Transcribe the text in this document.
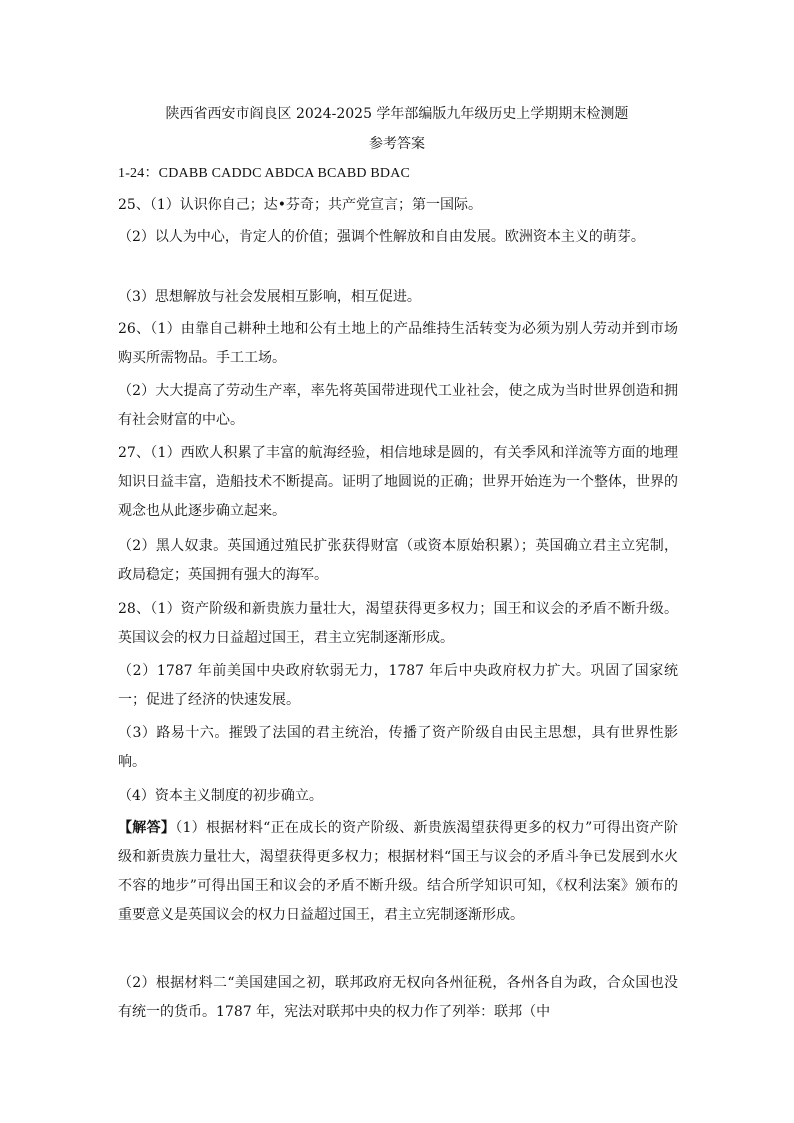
陕西省西安市阎良区 2024-2025 学年部编版九年级历史上学期期末检测题
参考答案
1-24：CDABB CADDC ABDCA BCABD BDAC
25、（1）认识你自己；达•芬奇；共产党宣言；第一国际。
（2）以人为中心，肯定人的价值；强调个性解放和自由发展。欧洲资本主义的萌芽。
（3）思想解放与社会发展相互影响，相互促进。
26、（1）由靠自己耕种土地和公有土地上的产品维持生活转变为必须为别人劳动并到市场购买所需物品。手工工场。
（2）大大提高了劳动生产率，率先将英国带进现代工业社会，使之成为当时世界创造和拥有社会财富的中心。
27、（1）西欧人积累了丰富的航海经验，相信地球是圆的，有关季风和洋流等方面的地理知识日益丰富，造船技术不断提高。证明了地圆说的正确；世界开始连为一个整体，世界的观念也从此逐步确立起来。
（2）黑人奴隶。英国通过殖民扩张获得财富（或资本原始积累）；英国确立君主立宪制，政局稳定；英国拥有强大的海军。
28、（1）资产阶级和新贵族力量壮大，渴望获得更多权力；国王和议会的矛盾不断升级。英国议会的权力日益超过国王，君主立宪制逐渐形成。
（2）1787 年前美国中央政府软弱无力，1787 年后中央政府权力扩大。巩固了国家统一；促进了经济的快速发展。
（3）路易十六。摧毁了法国的君主统治，传播了资产阶级自由民主思想，具有世界性影响。
（4）资本主义制度的初步确立。
【解答】（1）根据材料“正在成长的资产阶级、新贵族渴望获得更多的权力”可得出资产阶级和新贵族力量壮大，渴望获得更多权力；根据材料“国王与议会的矛盾斗争已发展到水火不容的地步”可得出国王和议会的矛盾不断升级。结合所学知识可知，《权利法案》颁布的重要意义是英国议会的权力日益超过国王，君主立宪制逐渐形成。
（2）根据材料二“美国建国之初，联邦政府无权向各州征税，各州各自为政，合众国也没有统一的货币。1787 年，宪法对联邦中央的权力作了列举：联邦（中
